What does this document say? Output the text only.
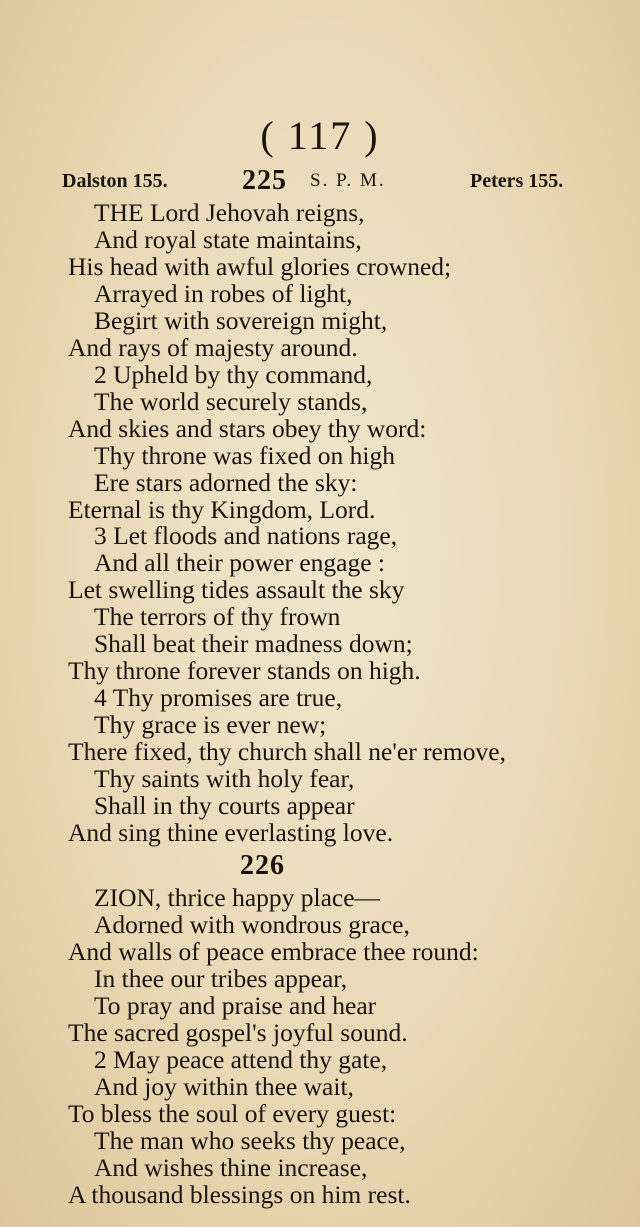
( 117 )
Dalston 155.	225 S. P. M.	Peters 155.

THE Lord Jehovah reigns,

And royal state maintains,

His head with awful glories crowned;

Arrayed in robes of light,

Begirt with sovereign might,

And rays of majesty around.

2 Upheld by thy command,

The world securely stands,

And skies and stars obey thy word:

Thy throne was fixed on high

Ere stars adorned the sky:

Eternal is thy Kingdom, Lord.

3 Let floods and nations rage,

And all their power engage :

Let swelling tides assault the sky

The terrors of thy frown

Shall beat their madness down;

Thy throne forever stands on high.

4 Thy promises are true,

Thy grace is ever new;

There fixed, thy church shall ne'er remove,

Thy saints with holy fear,

Shall in thy courts appear

And sing thine everlasting love.

226

ZION, thrice happy place—

Adorned with wondrous grace,

And walls of peace embrace thee round:

In thee our tribes appear,

To pray and praise and hear

The sacred gospel's joyful sound.

2 May peace attend thy gate,

And joy within thee wait,

To bless the soul of every guest:

The man who seeks thy peace,

And wishes thine increase,

A thousand blessings on him rest.
